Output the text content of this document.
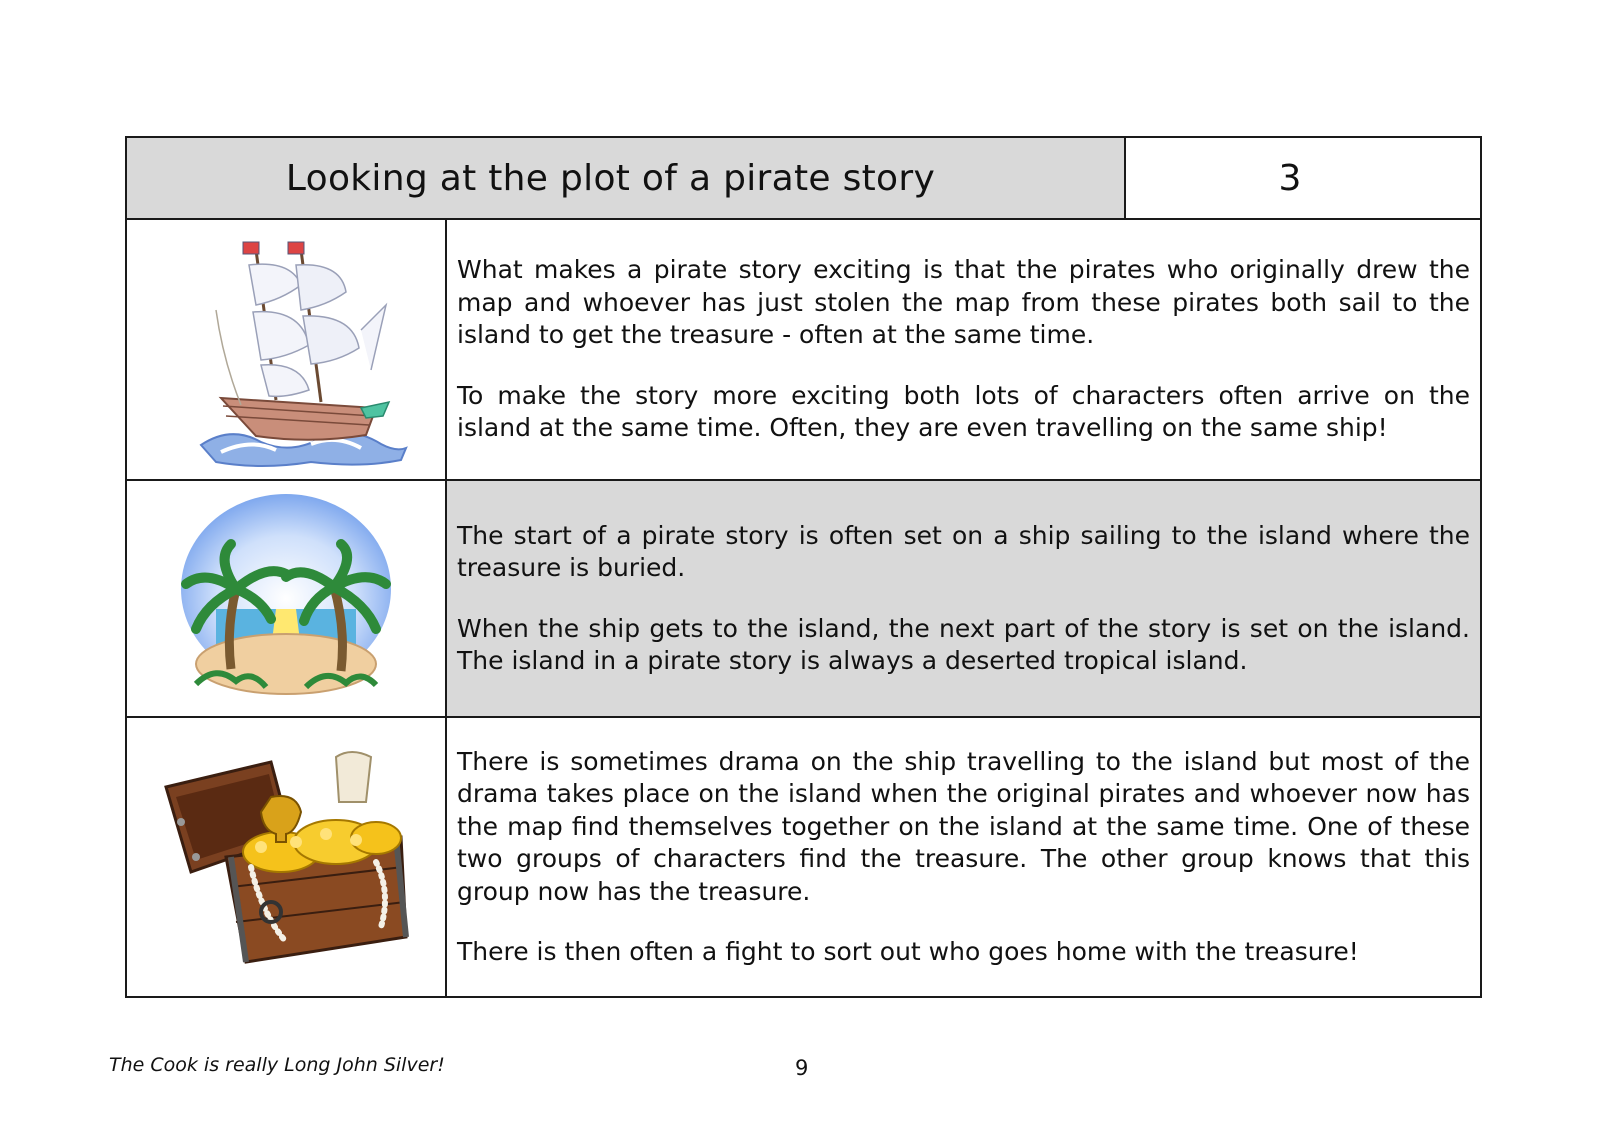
Looking at the plot of a pirate story	3

What makes a pirate story exciting is that the pirates who originally drew the map and whoever has just stolen the map from these pirates both sail to the island to get the treasure - often at the same time.

To make the story more exciting both lots of characters often arrive on the island at the same time. Often, they are even travelling on the same ship!

The start of a pirate story is often set on a ship sailing to the island where the treasure is buried.

When the ship gets to the island, the next part of the story is set on the island. The island in a pirate story is always a deserted tropical island.

There is sometimes drama on the ship travelling to the island but most of the drama takes place on the island when the original pirates and whoever now has the map find themselves together on the island at the same time. One of these two groups of characters find the treasure. The other group knows that this group now has the treasure.

There is then often a fight to sort out who goes home with the treasure!

The Cook is really Long John Silver!	9
